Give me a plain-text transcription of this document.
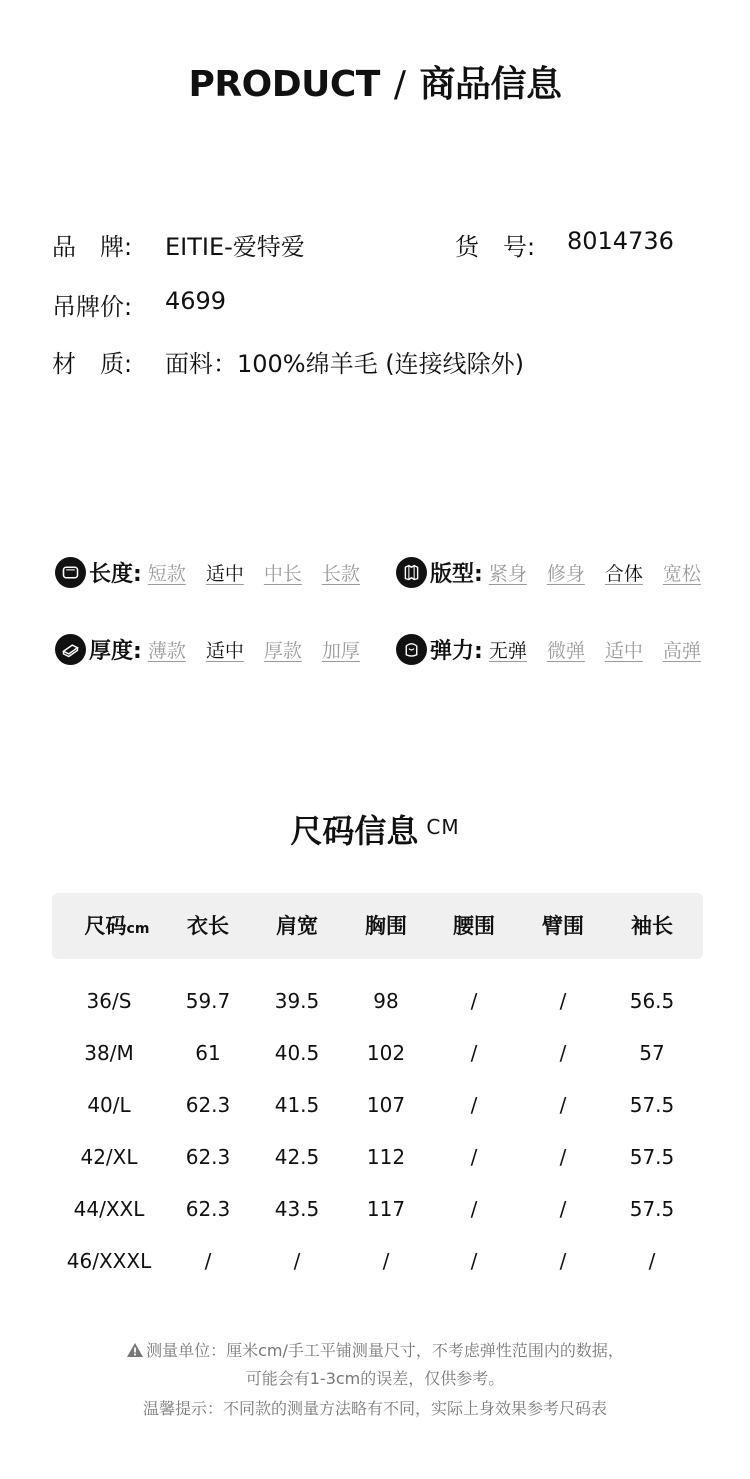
PRODUCT / 商品信息
品　牌: EITIE-爱特爱	货　号: 8014736
吊牌价: 4699
材　质: 面料：100%绵羊毛 (连接线除外)
长度: 短款 适中 中长 长款	版型: 紧身 修身 合体 宽松
厚度: 薄款 适中 厚款 加厚	弹力: 无弹 微弹 适中 高弹
尺码信息 $^{CM}$
尺码cm	衣长	肩宽	胸围	腰围	臂围	袖长
36/S	59.7	39.5	98	/	/	56.5
38/M	61	40.5	102	/	/	57
40/L	62.3	41.5	107	/	/	57.5
42/XL	62.3	42.5	112	/	/	57.5
44/XXL	62.3	43.5	117	/	/	57.5
46/XXXL	/	/	/	/	/	/
测量单位：厘米cm/手工平铺测量尺寸，不考虑弹性范围内的数据，
可能会有1-3cm的误差，仅供参考。
温馨提示：不同款的测量方法略有不同，实际上身效果参考尺码表
